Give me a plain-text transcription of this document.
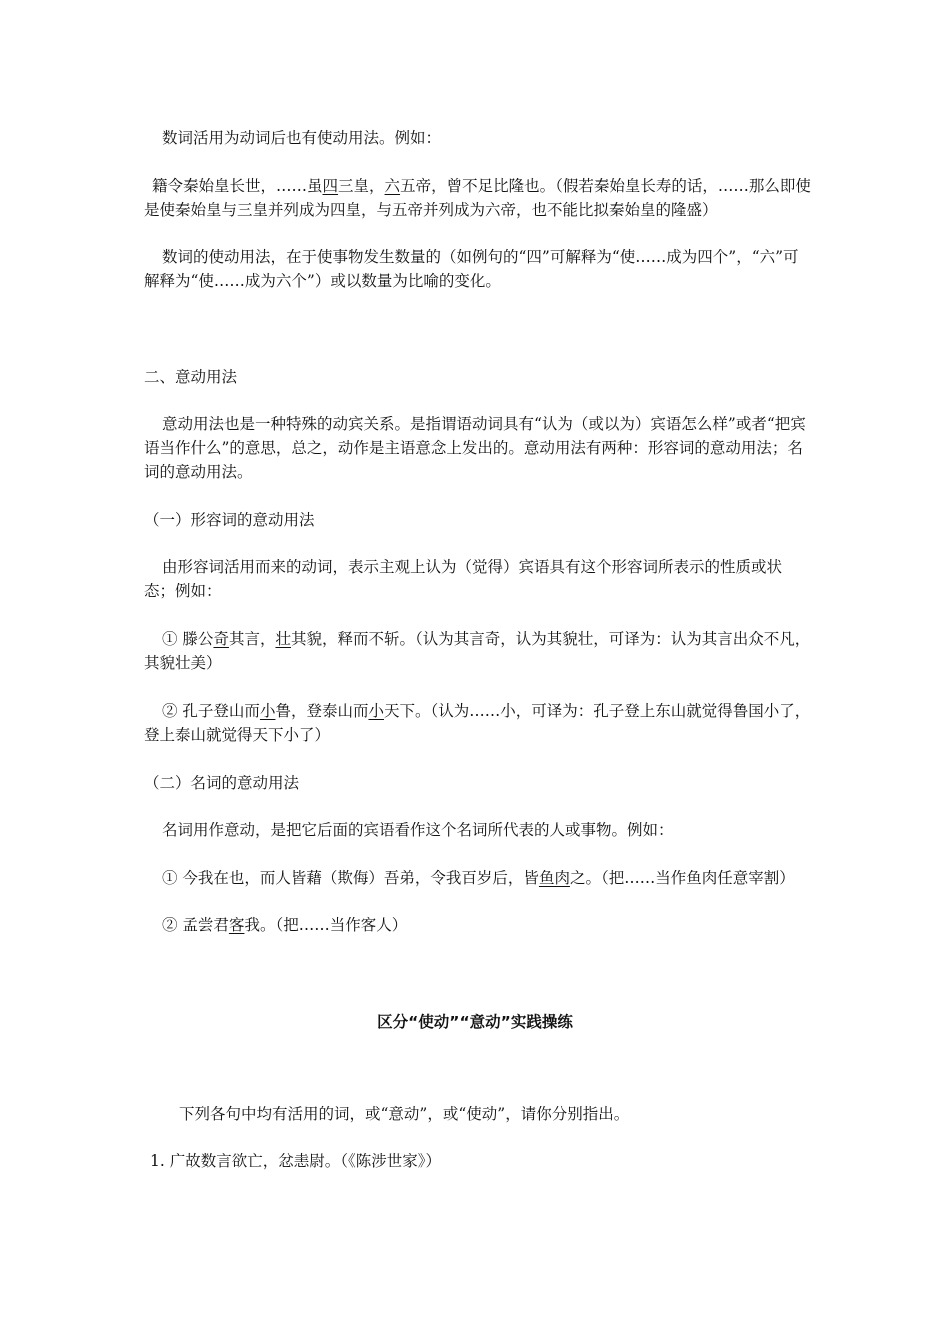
数词活用为动词后也有使动用法。例如：

籍令秦始皇长世，……虽四三皇，六五帝，曾不足比隆也。（假若秦始皇长寿的话，……那么即使是使秦始皇与三皇并列成为四皇，与五帝并列成为六帝，也不能比拟秦始皇的隆盛）

数词的使动用法，在于使事物发生数量的（如例句的“四”可解释为“使……成为四个”，“六”可解释为“使……成为六个”）或以数量为比喻的变化。

二、意动用法

意动用法也是一种特殊的动宾关系。是指谓语动词具有“认为（或以为）宾语怎么样”或者“把宾语当作什么”的意思，总之，动作是主语意念上发出的。意动用法有两种：形容词的意动用法；名词的意动用法。

（一）形容词的意动用法

由形容词活用而来的动词，表示主观上认为（觉得）宾语具有这个形容词所表示的性质或状态；例如：

① 滕公奇其言，壮其貌，释而不斩。（认为其言奇，认为其貌壮，可译为：认为其言出众不凡，其貌壮美）

② 孔子登山而小鲁，登泰山而小天下。（认为……小，可译为：孔子登上东山就觉得鲁国小了，登上泰山就觉得天下小了）

（二）名词的意动用法

名词用作意动，是把它后面的宾语看作这个名词所代表的人或事物。例如：

① 今我在也，而人皆藉（欺侮）吾弟，令我百岁后，皆鱼肉之。（把……当作鱼肉任意宰割）

② 孟尝君客我。（把……当作客人）

区分“使动”“意动”实践操练

下列各句中均有活用的词，或“意动”，或“使动”，请你分别指出。

1. 广故数言欲亡，忿恚尉。（《陈涉世家》）
